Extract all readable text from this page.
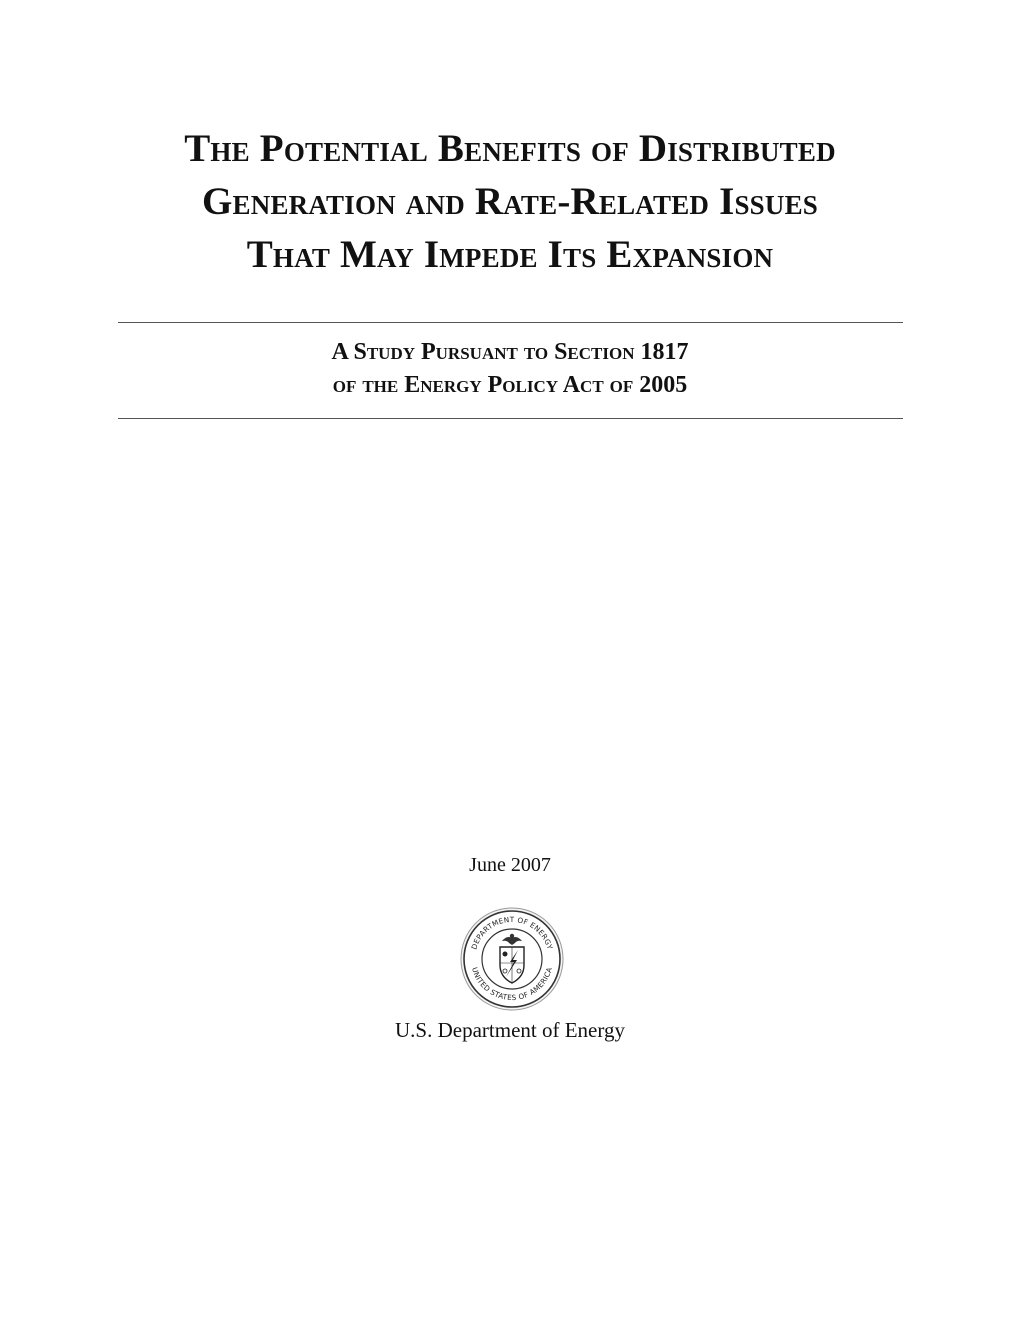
The Potential Benefits of Distributed
Generation and Rate-Related Issues
That May Impede Its Expansion
A Study Pursuant to Section 1817
of the Energy Policy Act of 2005
June 2007
DEPARTMENT OF ENERGY
UNITED STATES OF AMERICA
U.S. Department of Energy
